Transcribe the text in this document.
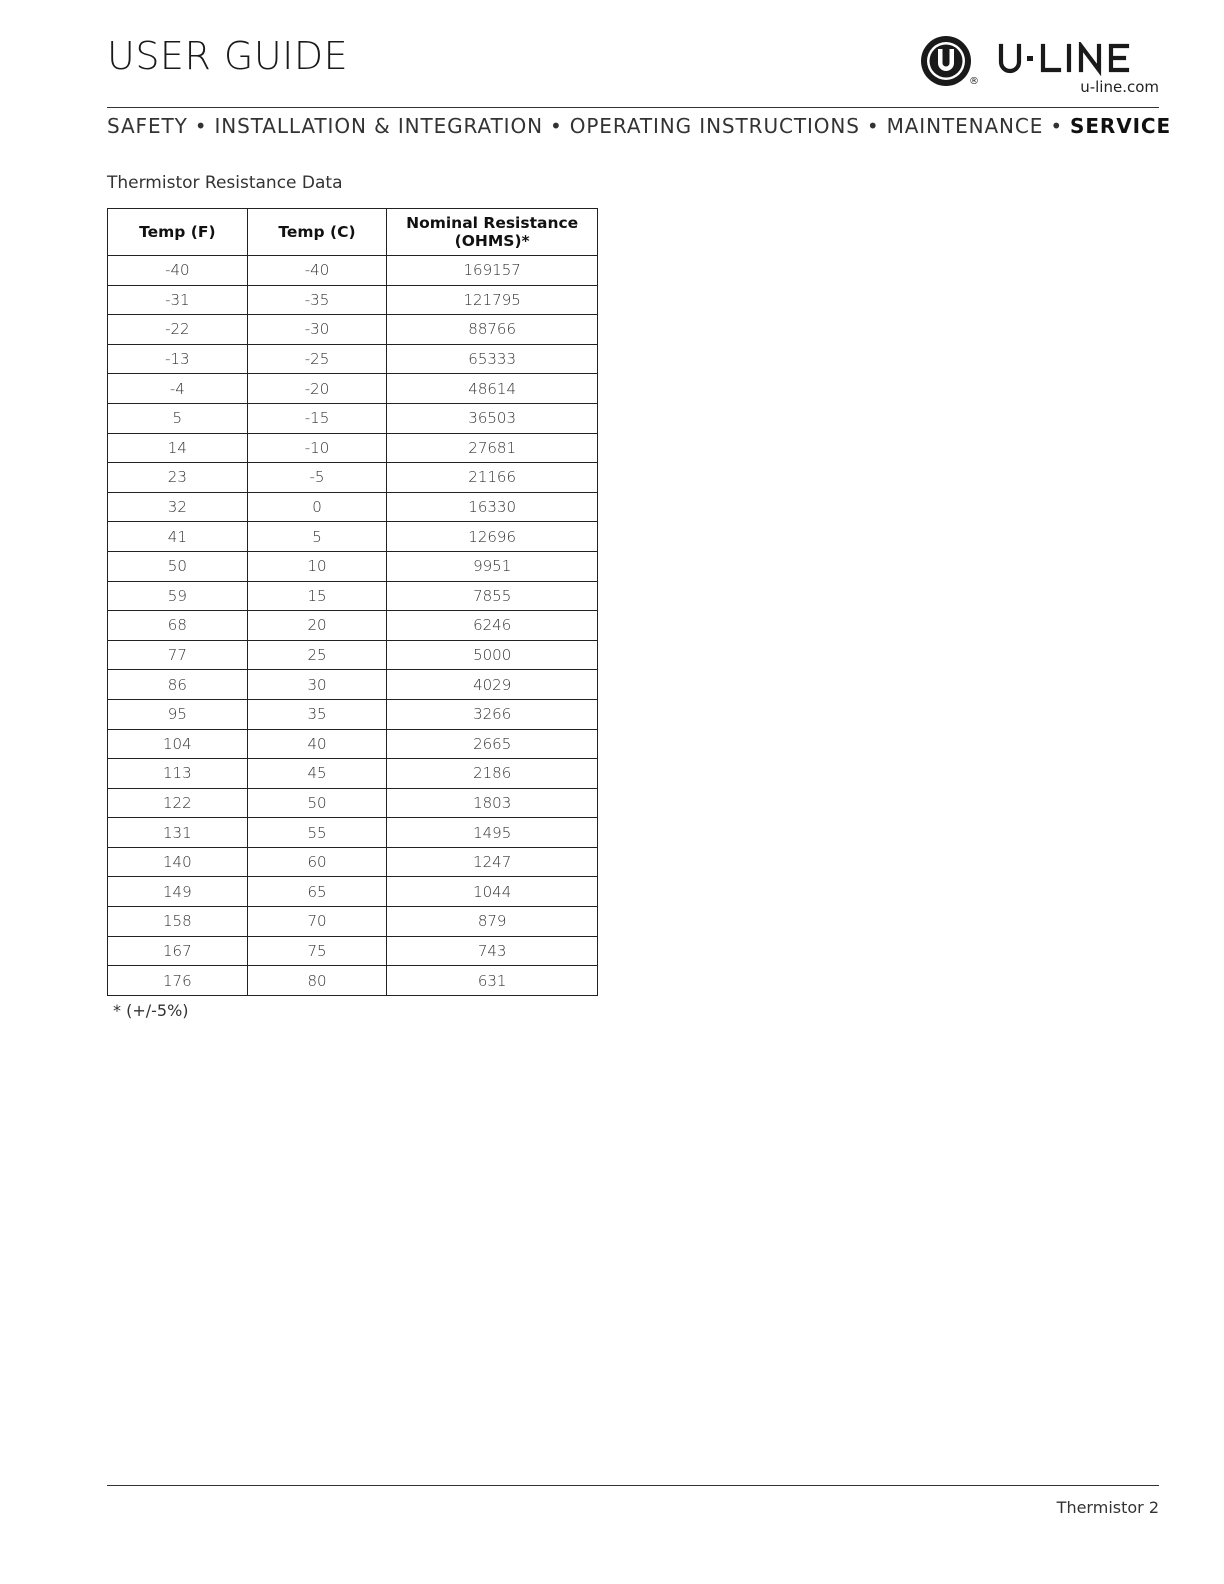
USER GUIDE
®	u-line.com
SAFETY • INSTALLATION & INTEGRATION • OPERATING INSTRUCTIONS • MAINTENANCE • SERVICE
Thermistor Resistance Data
Temp (F)	Temp (C)	Nominal Resistance (OHMS)*
-40	-40	169157
-31	-35	121795
-22	-30	88766
-13	-25	65333
-4	-20	48614
5	-15	36503
14	-10	27681
23	-5	21166
32	0	16330
41	5	12696
50	10	9951
59	15	7855
68	20	6246
77	25	5000
86	30	4029
95	35	3266
104	40	2665
113	45	2186
122	50	1803
131	55	1495
140	60	1247
149	65	1044
158	70	879
167	75	743
176	80	631
* (+/-5%)
Thermistor 2
